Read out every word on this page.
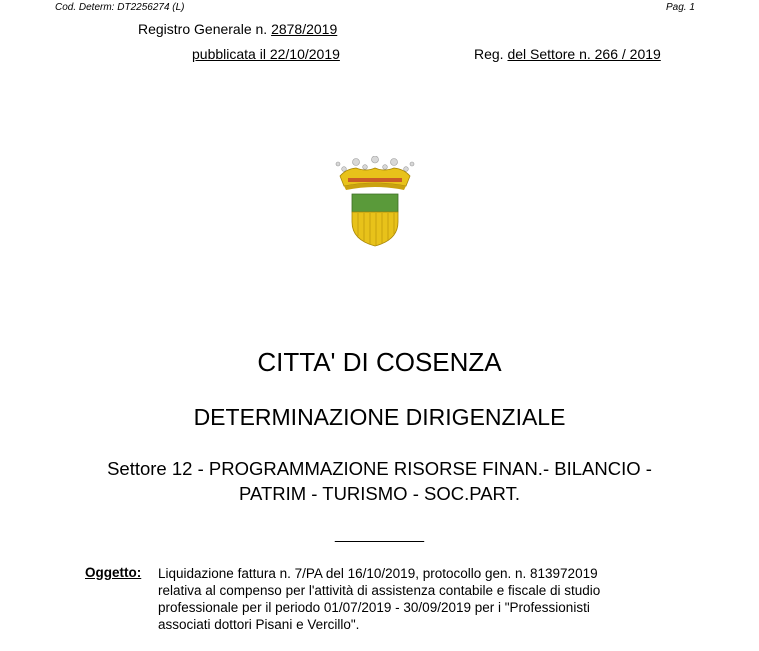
Cod. Determ: DT2256274 (L)	Pag. 1
Registro Generale n. 2878/2019
pubblicata il 22/10/2019	Reg. del Settore n. 266 / 2019
CITTA' DI COSENZA
DETERMINAZIONE DIRIGENZIALE
Settore 12 - PROGRAMMAZIONE RISORSE FINAN.- BILANCIO -
PATRIM - TURISMO - SOC.PART.
__________
Oggetto: Liquidazione fattura n. 7/PA del 16/10/2019, protocollo gen. n. 813972019
relativa al compenso per l'attività di assistenza contabile e fiscale di studio
professionale per il periodo 01/07/2019 - 30/09/2019 per i "Professionisti
associati dottori Pisani e Vercillo".
